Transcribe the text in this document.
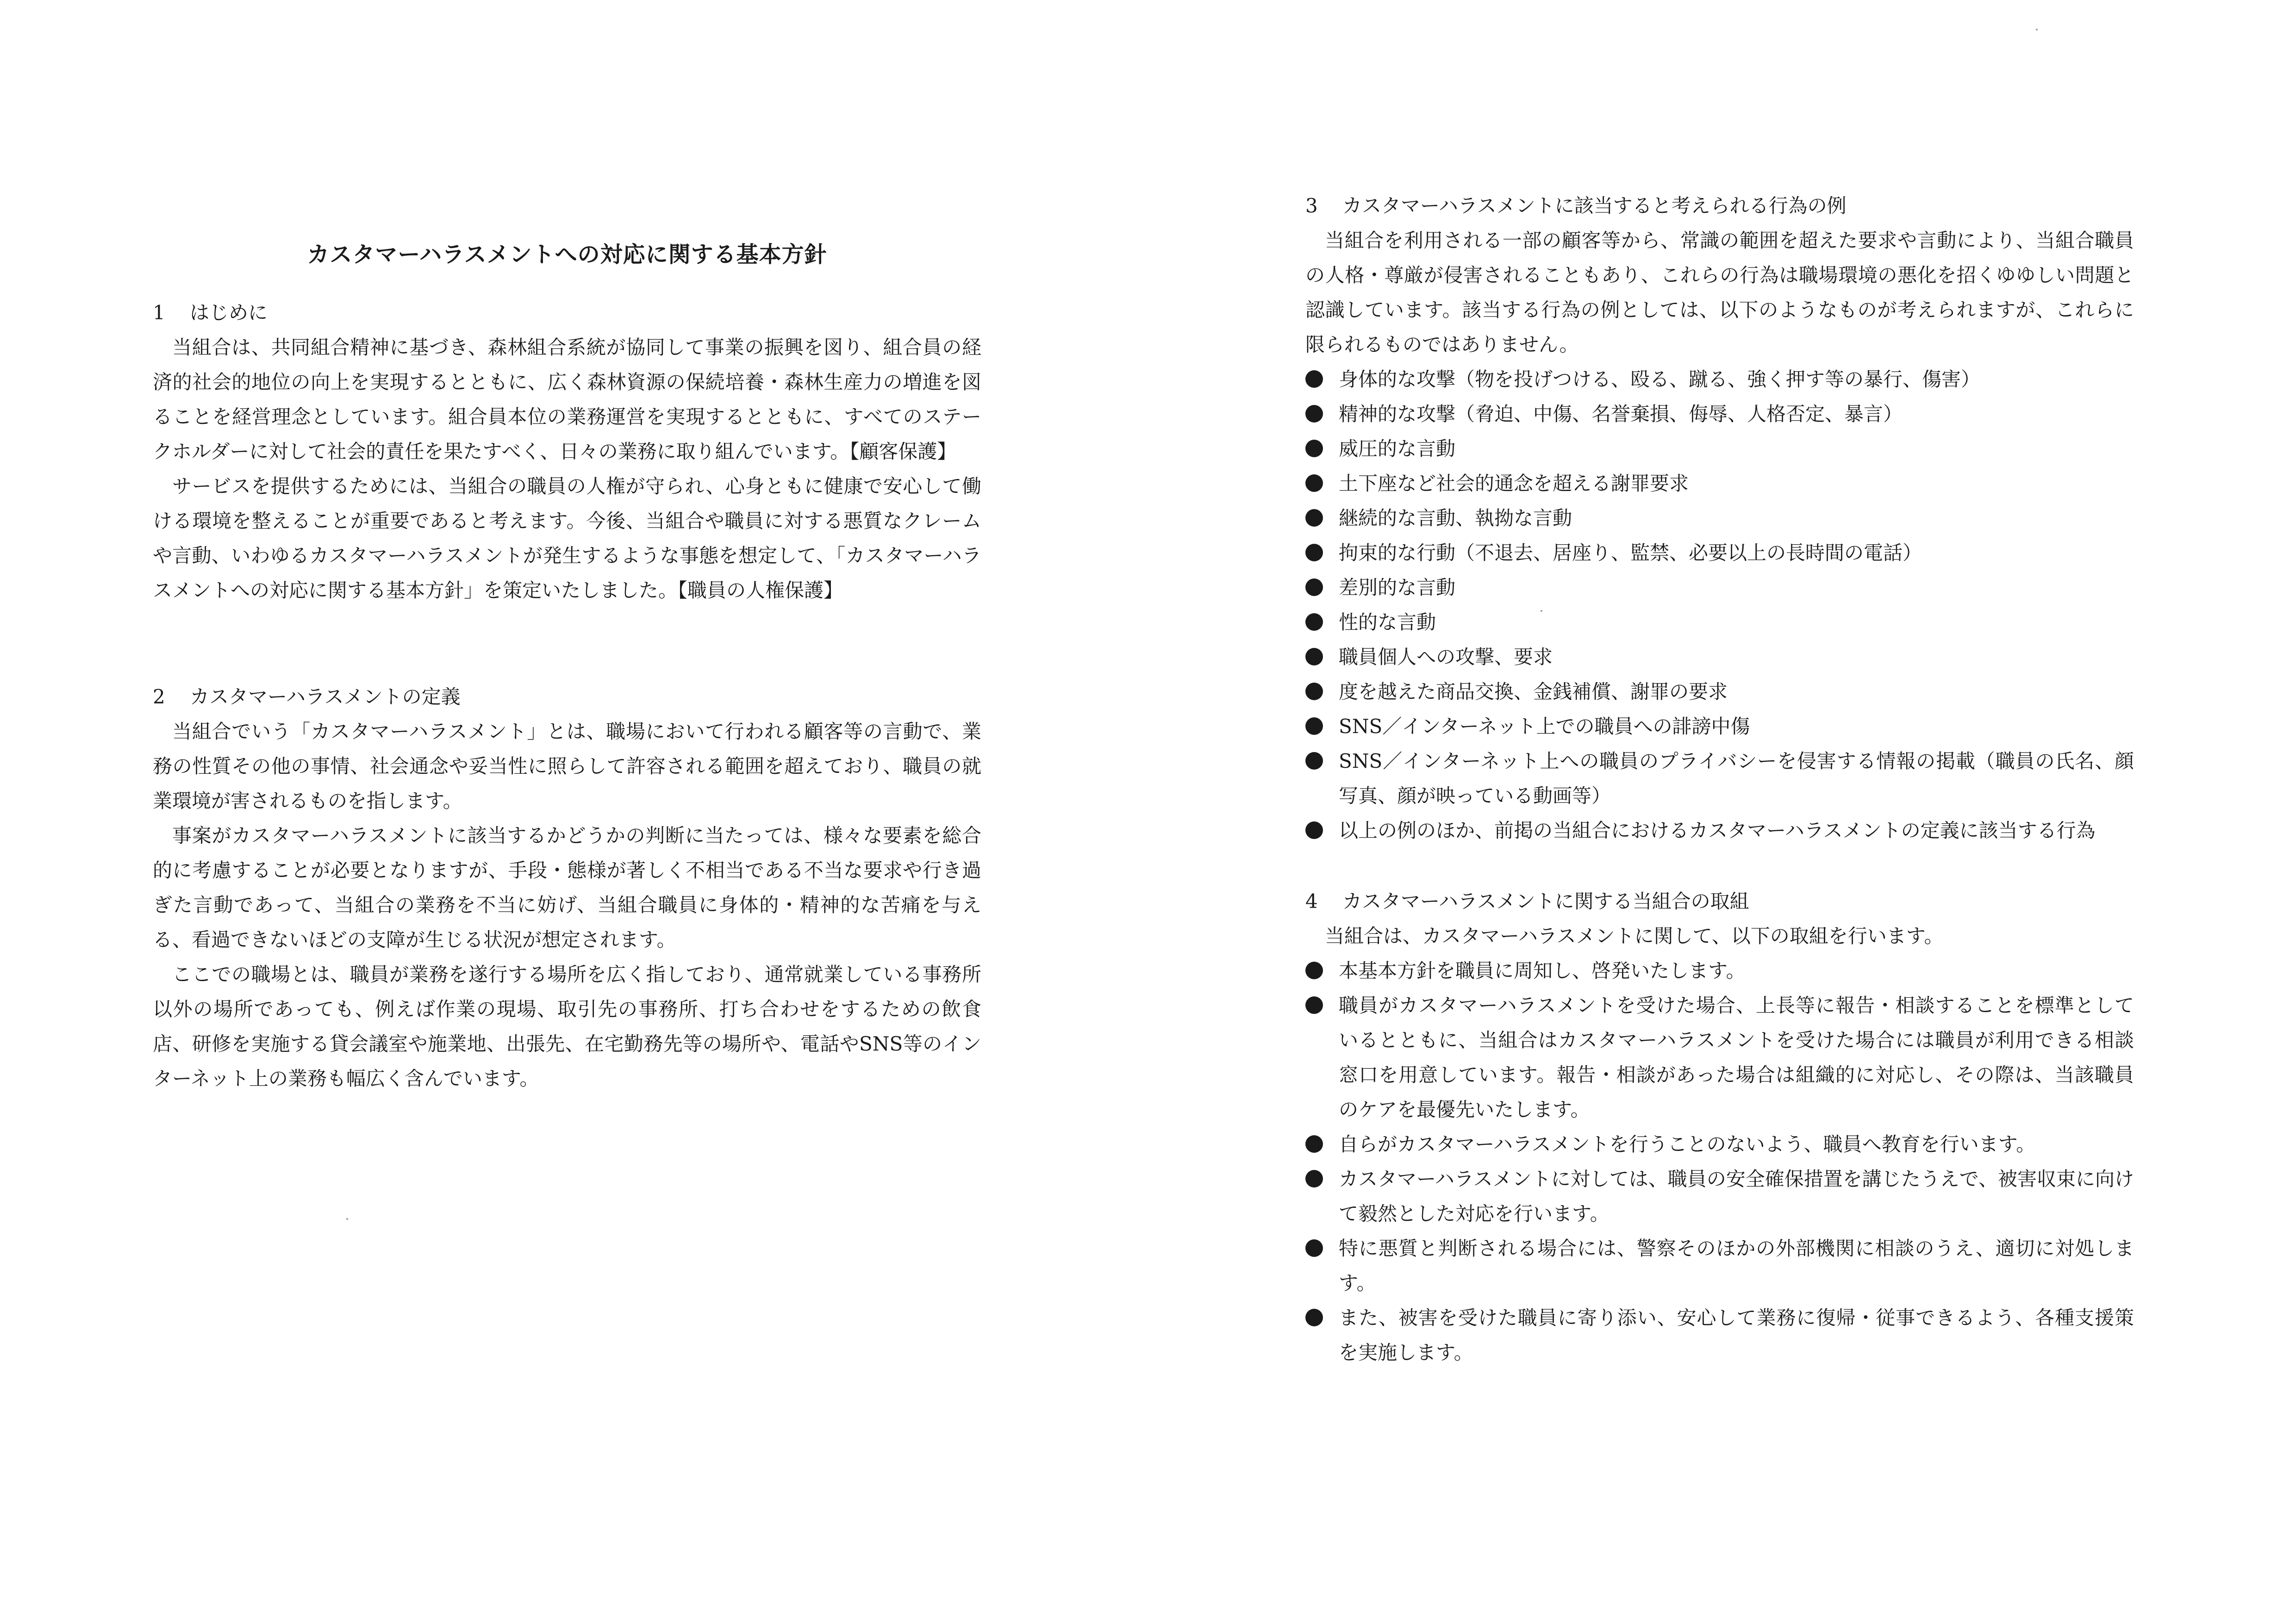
カスタマーハラスメントへの対応に関する基本方針

1 はじめに

当組合は、共同組合精神に基づき、森林組合系統が協同して事業の振興を図り、組合員の経済的社会的地位の向上を実現するとともに、広く森林資源の保続培養・森林生産力の増進を図ることを経営理念としています。組合員本位の業務運営を実現するとともに、すべてのステークホルダーに対して社会的責任を果たすべく、日々の業務に取り組んでいます。【顧客保護】

サービスを提供するためには、当組合の職員の人権が守られ、心身ともに健康で安心して働ける環境を整えることが重要であると考えます。今後、当組合や職員に対する悪質なクレームや言動、いわゆるカスタマーハラスメントが発生するような事態を想定して、「カスタマーハラスメントへの対応に関する基本方針」を策定いたしました。【職員の人権保護】

2 カスタマーハラスメントの定義

当組合でいう「カスタマーハラスメント」とは、職場において行われる顧客等の言動で、業務の性質その他の事情、社会通念や妥当性に照らして許容される範囲を超えており、職員の就業環境が害されるものを指します。

事案がカスタマーハラスメントに該当するかどうかの判断に当たっては、様々な要素を総合的に考慮することが必要となりますが、手段・態様が著しく不相当である不当な要求や行き過ぎた言動であって、当組合の業務を不当に妨げ、当組合職員に身体的・精神的な苦痛を与える、看過できないほどの支障が生じる状況が想定されます。

ここでの職場とは、職員が業務を遂行する場所を広く指しており、通常就業している事務所以外の場所であっても、例えば作業の現場、取引先の事務所、打ち合わせをするための飲食店、研修を実施する貸会議室や施業地、出張先、在宅勤務先等の場所や、電話やSNS等のインターネット上の業務も幅広く含んでいます。

3 カスタマーハラスメントに該当すると考えられる行為の例

当組合を利用される一部の顧客等から、常識の範囲を超えた要求や言動により、当組合職員の人格・尊厳が侵害されることもあり、これらの行為は職場環境の悪化を招くゆゆしい問題と認識しています。該当する行為の例としては、以下のようなものが考えられますが、これらに限られるものではありません。

身体的な攻撃（物を投げつける、殴る、蹴る、強く押す等の暴行、傷害）
精神的な攻撃（脅迫、中傷、名誉棄損、侮辱、人格否定、暴言）
威圧的な言動
土下座など社会的通念を超える謝罪要求
継続的な言動、執拗な言動
拘束的な行動（不退去、居座り、監禁、必要以上の長時間の電話）
差別的な言動
性的な言動
職員個人への攻撃、要求
度を越えた商品交換、金銭補償、謝罪の要求
SNS／インターネット上での職員への誹謗中傷
SNS／インターネット上への職員のプライバシーを侵害する情報の掲載（職員の氏名、顔写真、顔が映っている動画等）
以上の例のほか、前掲の当組合におけるカスタマーハラスメントの定義に該当する行為

4 カスタマーハラスメントに関する当組合の取組

当組合は、カスタマーハラスメントに関して、以下の取組を行います。

本基本方針を職員に周知し、啓発いたします。
職員がカスタマーハラスメントを受けた場合、上長等に報告・相談することを標準としているとともに、当組合はカスタマーハラスメントを受けた場合には職員が利用できる相談窓口を用意しています。報告・相談があった場合は組織的に対応し、その際は、当該職員のケアを最優先いたします。
自らがカスタマーハラスメントを行うことのないよう、職員へ教育を行います。
カスタマーハラスメントに対しては、職員の安全確保措置を講じたうえで、被害収束に向けて毅然とした対応を行います。
特に悪質と判断される場合には、警察そのほかの外部機関に相談のうえ、適切に対処します。
また、被害を受けた職員に寄り添い、安心して業務に復帰・従事できるよう、各種支援策を実施します。
